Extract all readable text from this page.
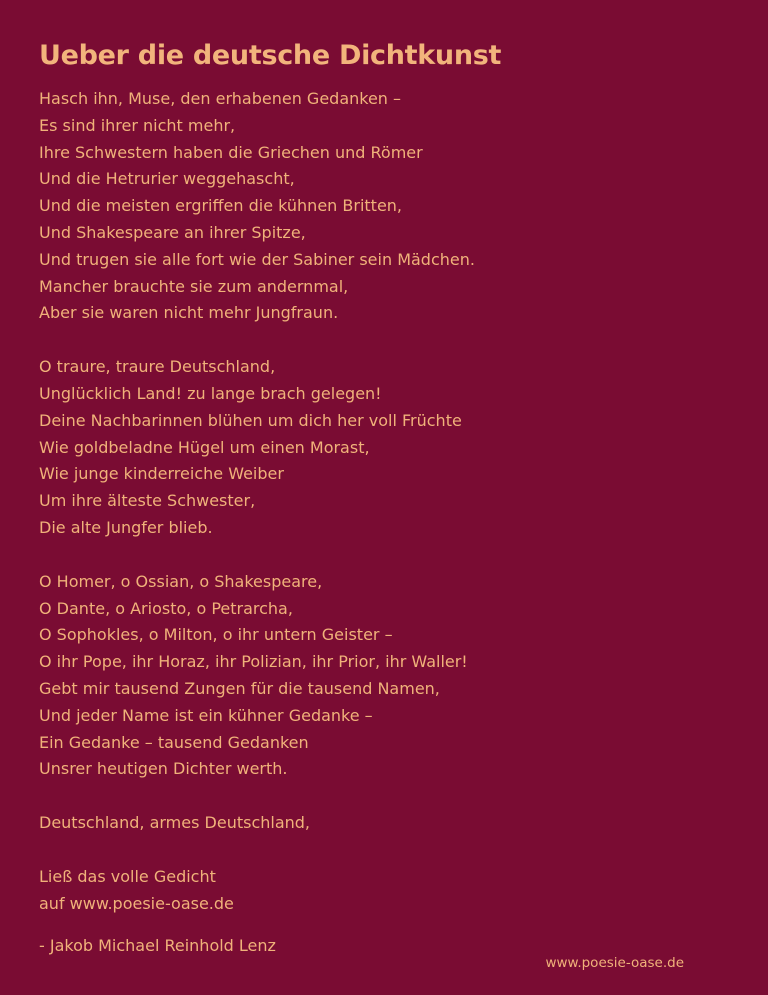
Ueber die deutsche Dichtkunst
Hasch ihn, Muse, den erhabenen Gedanken –
Es sind ihrer nicht mehr,
Ihre Schwestern haben die Griechen und Römer
Und die Hetrurier weggehascht,
Und die meisten ergriffen die kühnen Britten,
Und Shakespeare an ihrer Spitze,
Und trugen sie alle fort wie der Sabiner sein Mädchen.
Mancher brauchte sie zum andernmal,
Aber sie waren nicht mehr Jungfraun.
O traure, traure Deutschland,
Unglücklich Land! zu lange brach gelegen!
Deine Nachbarinnen blühen um dich her voll Früchte
Wie goldbeladne Hügel um einen Morast,
Wie junge kinderreiche Weiber
Um ihre älteste Schwester,
Die alte Jungfer blieb.
O Homer, o Ossian, o Shakespeare,
O Dante, o Ariosto, o Petrarcha,
O Sophokles, o Milton, o ihr untern Geister –
O ihr Pope, ihr Horaz, ihr Polizian, ihr Prior, ihr Waller!
Gebt mir tausend Zungen für die tausend Namen,
Und jeder Name ist ein kühner Gedanke –
Ein Gedanke – tausend Gedanken
Unsrer heutigen Dichter werth.
Deutschland, armes Deutschland,
Ließ das volle Gedicht
auf www.poesie-oase.de
- Jakob Michael Reinhold Lenz
www.poesie-oase.de
